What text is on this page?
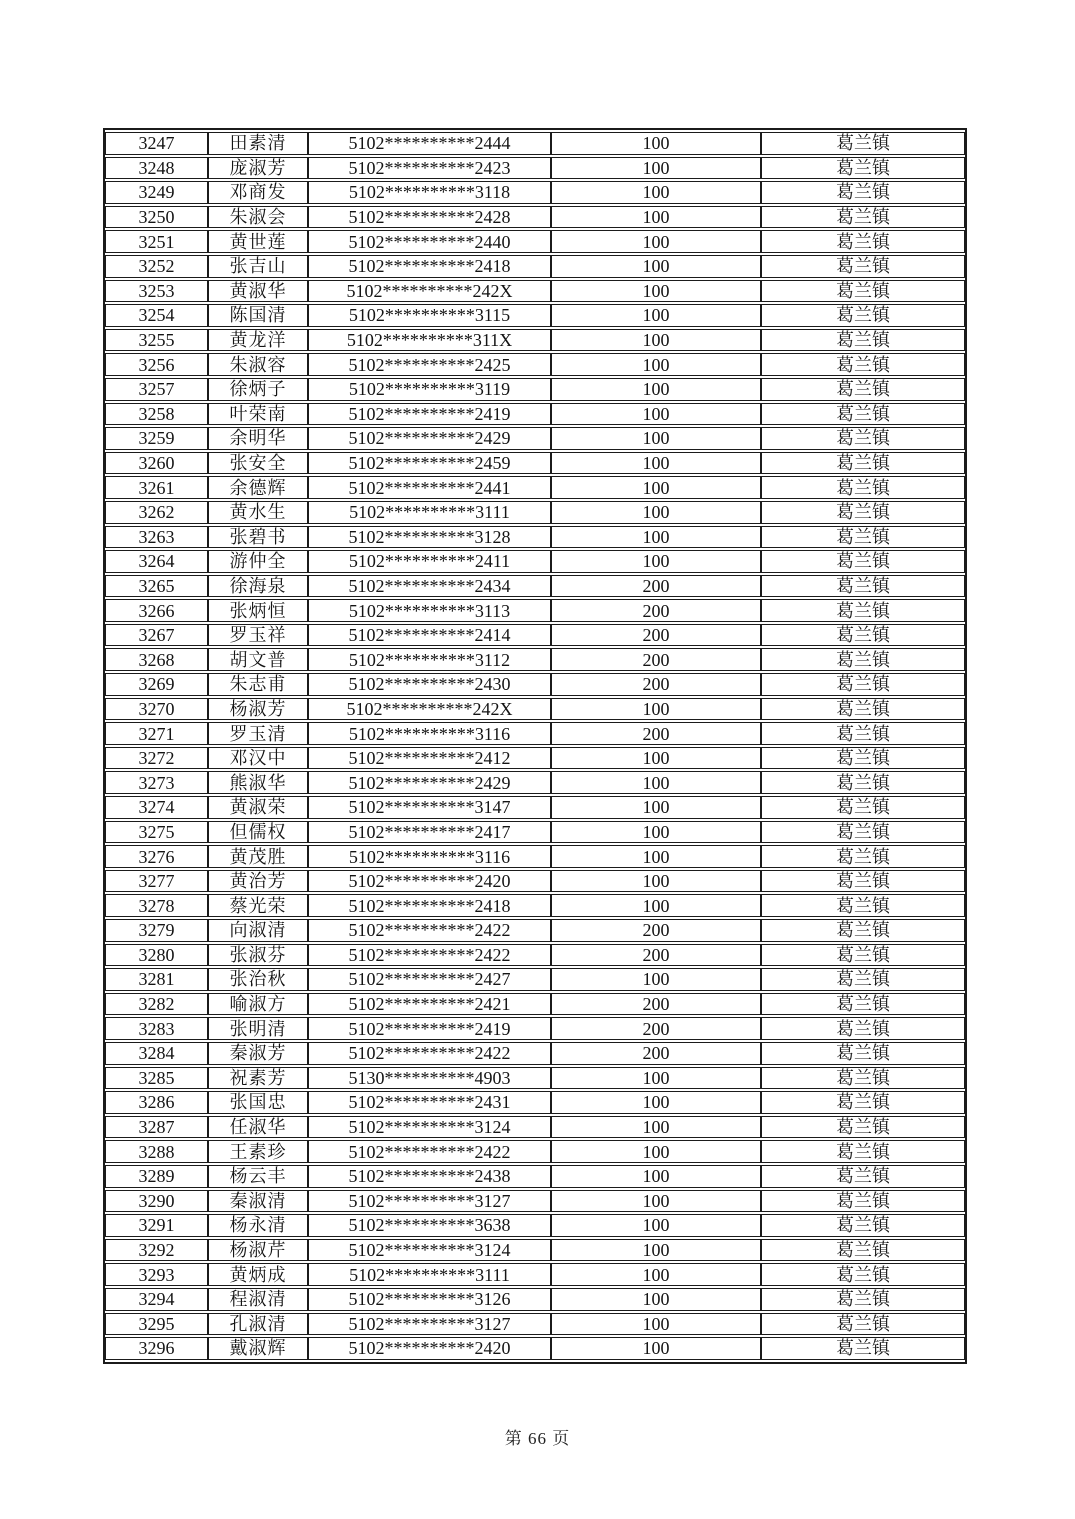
3247	田素清	5102**********2444	100	葛兰镇
3248	庞淑芳	5102**********2423	100	葛兰镇
3249	邓商发	5102**********3118	100	葛兰镇
3250	朱淑会	5102**********2428	100	葛兰镇
3251	黄世莲	5102**********2440	100	葛兰镇
3252	张吉山	5102**********2418	100	葛兰镇
3253	黄淑华	5102**********242X	100	葛兰镇
3254	陈国清	5102**********3115	100	葛兰镇
3255	黄龙洋	5102**********311X	100	葛兰镇
3256	朱淑容	5102**********2425	100	葛兰镇
3257	徐炳子	5102**********3119	100	葛兰镇
3258	叶荣南	5102**********2419	100	葛兰镇
3259	余明华	5102**********2429	100	葛兰镇
3260	张安全	5102**********2459	100	葛兰镇
3261	余德辉	5102**********2441	100	葛兰镇
3262	黄水生	5102**********3111	100	葛兰镇
3263	张碧书	5102**********3128	100	葛兰镇
3264	游仲全	5102**********2411	100	葛兰镇
3265	徐海泉	5102**********2434	200	葛兰镇
3266	张炳恒	5102**********3113	200	葛兰镇
3267	罗玉祥	5102**********2414	200	葛兰镇
3268	胡文普	5102**********3112	200	葛兰镇
3269	朱志甫	5102**********2430	200	葛兰镇
3270	杨淑芳	5102**********242X	100	葛兰镇
3271	罗玉清	5102**********3116	200	葛兰镇
3272	邓汉中	5102**********2412	100	葛兰镇
3273	熊淑华	5102**********2429	100	葛兰镇
3274	黄淑荣	5102**********3147	100	葛兰镇
3275	但儒权	5102**********2417	100	葛兰镇
3276	黄茂胜	5102**********3116	100	葛兰镇
3277	黄治芳	5102**********2420	100	葛兰镇
3278	蔡光荣	5102**********2418	100	葛兰镇
3279	向淑清	5102**********2422	200	葛兰镇
3280	张淑芬	5102**********2422	200	葛兰镇
3281	张治秋	5102**********2427	100	葛兰镇
3282	喻淑方	5102**********2421	200	葛兰镇
3283	张明清	5102**********2419	200	葛兰镇
3284	秦淑芳	5102**********2422	200	葛兰镇
3285	祝素芳	5130**********4903	100	葛兰镇
3286	张国忠	5102**********2431	100	葛兰镇
3287	任淑华	5102**********3124	100	葛兰镇
3288	王素珍	5102**********2422	100	葛兰镇
3289	杨云丰	5102**********2438	100	葛兰镇
3290	秦淑清	5102**********3127	100	葛兰镇
3291	杨永清	5102**********3638	100	葛兰镇
3292	杨淑芹	5102**********3124	100	葛兰镇
3293	黄炳成	5102**********3111	100	葛兰镇
3294	程淑清	5102**********3126	100	葛兰镇
3295	孔淑清	5102**********3127	100	葛兰镇
3296	戴淑辉	5102**********2420	100	葛兰镇
第 66 页
